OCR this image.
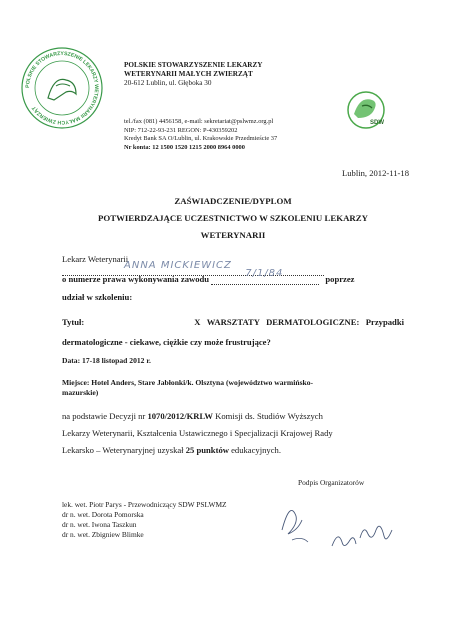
POLSKIE STOWARZYSZENIE LEKARZY WETERYNARII MAŁYCH ZWIERZĄT
POLSKIE STOWARZYSZENIE LEKARZY
WETERYNARII MAŁYCH ZWIERZĄT
20-612 Lublin, ul. Głęboka 30
SDW
tel./fax (081) 4456158, e-mail: sekretariat@pslwmz.org.pl
NIP: 712-22-93-231 REGON: P-430359202
Kredyt Bank SA O/Lublin, ul. Krakowskie Przedmieście 37
Nr konta: 12 1500 1520 1215 2000 8964 0000
Lublin, 2012-11-18
ZAŚWIADCZENIE/DYPLOM
POTWIERDZAJĄCE UCZESTNICTWO W SZKOLENIU LEKARZY
WETERYNARII
Lekarz Weterynarii
ANNA MICKIEWICZ
o numerze prawa wykonywania zawodu	7/1/84	poprzez
udział w szkoleniu:
Tytuł:	X   WARSZTATY   DERMATOLOGICZNE:   Przypadki
dermatologiczne - ciekawe, ciężkie czy może frustrujące?
Data: 17-18 listopad 2012 r.
Miejsce: Hotel Anders, Stare Jabłonki/k. Olsztyna (województwo warmińsko-
mazurskie)
na podstawie Decyzji nr 1070/2012/KRLW Komisji ds. Studiów Wyższych
Lekarzy Weterynarii, Kształcenia Ustawicznego i Specjalizacji Krajowej Rady
Lekarsko – Weterynaryjnej uzyskał 25 punktów edukacyjnych.
Podpis Organizatorów
lek. wet. Piotr Parys - Przewodniczący SDW PSLWMZ
dr n. wet. Dorota Pomorska
dr n. wet. Iwona Taszkun
dr n. wet. Zbigniew Blimke
